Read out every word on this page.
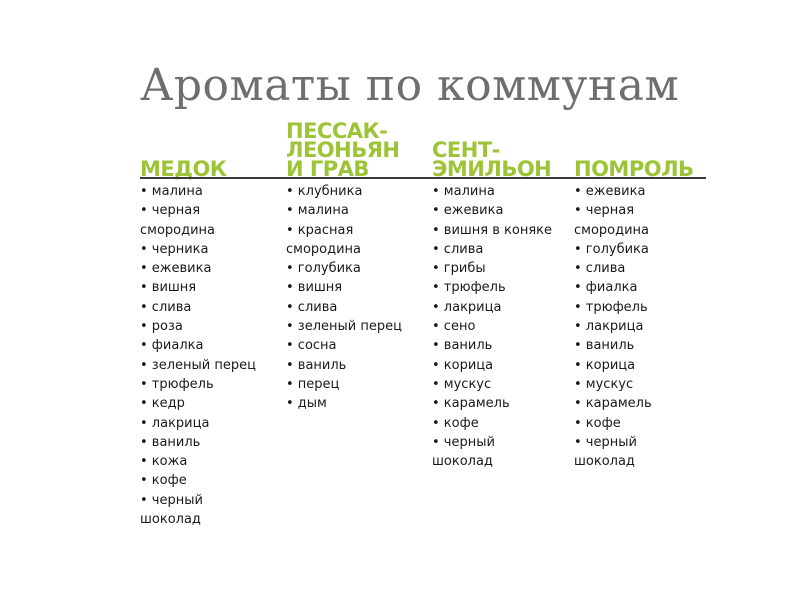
Ароматы по коммунам
МЕДОК
ПЕССАК-
ЛЕОНЬЯН
И ГРАВ
СЕНТ-
ЭМИЛЬОН ПОМРОЛЬ
• малина
• черная
смородина
• черника
• ежевика
• вишня
• слива
• роза
• фиалка
• зеленый перец
• трюфель
• кедр
• лакрица
• ваниль
• кожа
• кофе
• черный
шоколад
• клубника
• малина
• красная
смородина
• голубика
• вишня
• слива
• зеленый перец
• сосна
• ваниль
• перец
• дым
• малина
• ежевика
• вишня в коняке
• слива
• грибы
• трюфель
• лакрица
• сено
• ваниль
• корица
• мускус
• карамель
• кофе
• черный
шоколад
• ежевика
• черная
смородина
• голубика
• слива
• фиалка
• трюфель
• лакрица
• ваниль
• корица
• мускус
• карамель
• кофе
• черный
шоколад
